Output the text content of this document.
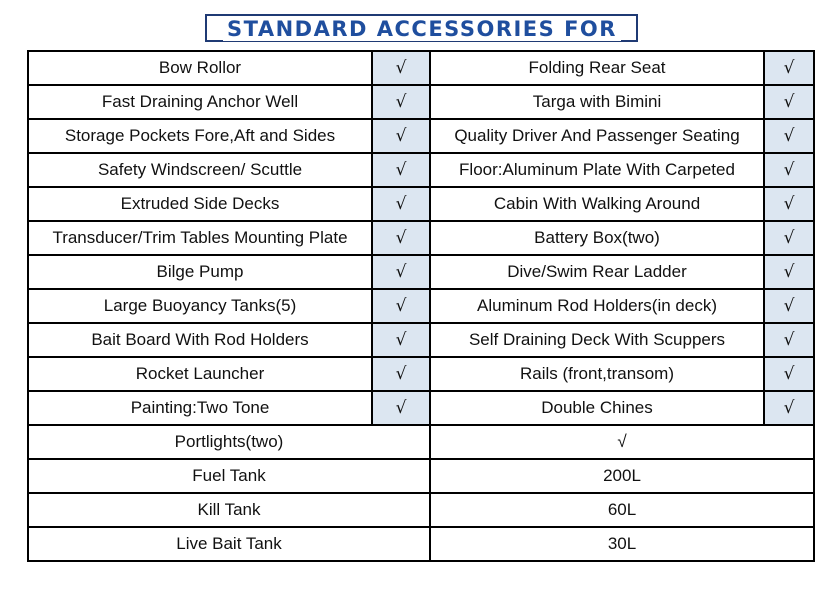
STANDARD ACCESSORIES FOR
Bow Rollor	√	Folding Rear Seat	√
Fast Draining Anchor Well	√	Targa with Bimini	√
Storage Pockets Fore,Aft and Sides	√	Quality Driver And Passenger Seating	√
Safety Windscreen/ Scuttle	√	Floor:Aluminum Plate With Carpeted	√
Extruded Side Decks	√	Cabin With Walking Around	√
Transducer/Trim Tables Mounting Plate	√	Battery Box(two)	√
Bilge Pump	√	Dive/Swim Rear Ladder	√
Large Buoyancy Tanks(5)	√	Aluminum Rod Holders(in deck)	√
Bait Board With Rod Holders	√	Self Draining Deck With Scuppers	√
Rocket Launcher	√	Rails (front,transom)	√
Painting:Two Tone	√	Double Chines	√
Portlights(two)		√	
Fuel Tank		200L	
Kill Tank		60L	
Live Bait Tank		30L	
